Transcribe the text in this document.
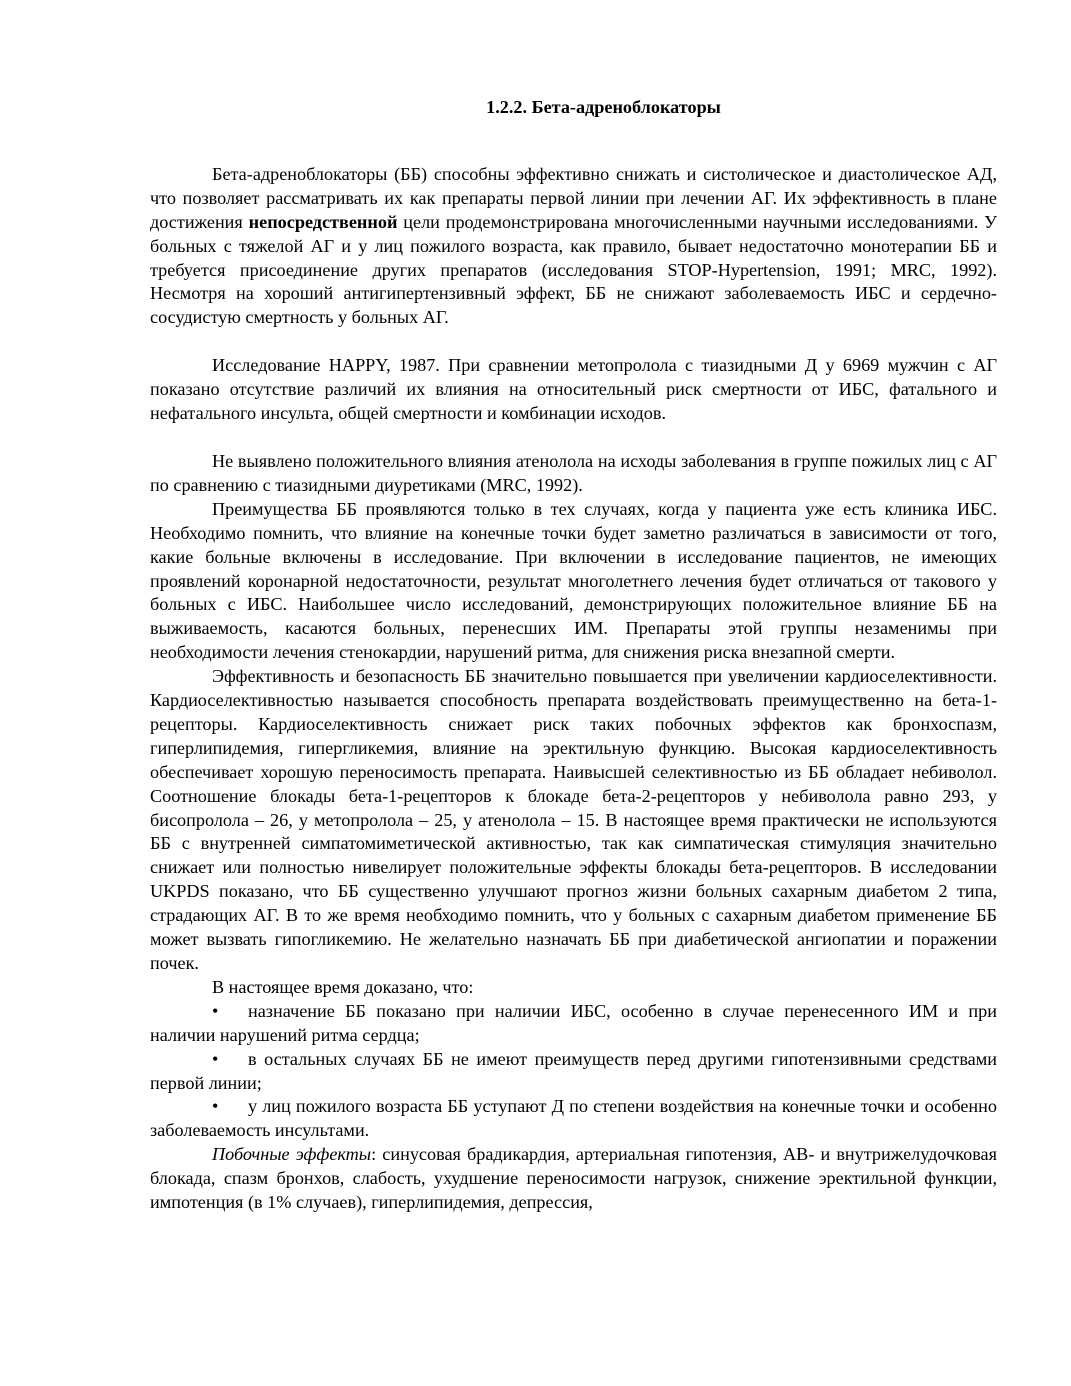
1.2.2. Бета-адреноблокаторы

Бета-адреноблокаторы (ББ) способны эффективно снижать и систолическое и диастолическое АД, что позволяет рассматривать их как препараты первой линии при лечении АГ. Их эффективность в плане достижения непосредственной цели продемонстрирована многочисленными научными исследованиями. У больных с тяжелой АГ и у лиц пожилого возраста, как правило, бывает недостаточно монотерапии ББ и требуется присоединение других препаратов (исследования STOP-Hypertension, 1991; MRC, 1992). Несмотря на хороший антигипертензивный эффект, ББ не снижают заболеваемость ИБС и сердечно-сосудистую смертность у больных АГ.

Исследование HAPPY, 1987. При сравнении метопролола с тиазидными Д у 6969 мужчин с АГ показано отсутствие различий их влияния на относительный риск смертности от ИБС, фатального и нефатального инсульта, общей смертности и комбинации исходов.

Не выявлено положительного влияния атенолола на исходы заболевания в группе пожилых лиц с АГ по сравнению с тиазидными диуретиками (MRC, 1992).

Преимущества ББ проявляются только в тех случаях, когда у пациента уже есть клиника ИБС. Необходимо помнить, что влияние на конечные точки будет заметно различаться в зависимости от того, какие больные включены в исследование. При включении в исследование пациентов, не имеющих проявлений коронарной недостаточности, результат многолетнего лечения будет отличаться от такового у больных с ИБС. Наибольшее число исследований, демонстрирующих положительное влияние ББ на выживаемость, касаются больных, перенесших ИМ. Препараты этой группы незаменимы при необходимости лечения стенокардии, нарушений ритма, для снижения риска внезапной смерти.

Эффективность и безопасность ББ значительно повышается при увеличении кардиоселективности. Кардиоселективностью называется способность препарата воздействовать преимущественно на бета-1-рецепторы. Кардиоселективность снижает риск таких побочных эффектов как бронхоспазм, гиперлипидемия, гипергликемия, влияние на эректильную функцию. Высокая кардиоселективность обеспечивает хорошую переносимость препарата. Наивысшей селективностью из ББ обладает небиволол. Соотношение блокады бета-1-рецепторов к блокаде бета-2-рецепторов у небиволола равно 293, у бисопролола – 26, у метопролола – 25, у атенолола – 15. В настоящее время практически не используются ББ с внутренней симпатомиметической активностью, так как симпатическая стимуляция значительно снижает или полностью нивелирует положительные эффекты блокады бета-рецепторов. В исследовании UKPDS показано, что ББ существенно улучшают прогноз жизни больных сахарным диабетом 2 типа, страдающих АГ. В то же время необходимо помнить, что у больных с сахарным диабетом применение ББ может вызвать гипогликемию. Не желательно назначать ББ при диабетической ангиопатии и поражении почек.

В настоящее время доказано, что:

• назначение ББ показано при наличии ИБС, особенно в случае перенесенного ИМ и при наличии нарушений ритма сердца;

• в остальных случаях ББ не имеют преимуществ перед другими гипотензивными средствами первой линии;

• у лиц пожилого возраста ББ уступают Д по степени воздействия на конечные точки и особенно заболеваемость инсультами.

Побочные эффекты: синусовая брадикардия, артериальная гипотензия, АВ- и внутрижелудочковая блокада, спазм бронхов, слабость, ухудшение переносимости нагрузок, снижение эректильной функции, импотенция (в 1% случаев), гиперлипидемия, депрессия,
